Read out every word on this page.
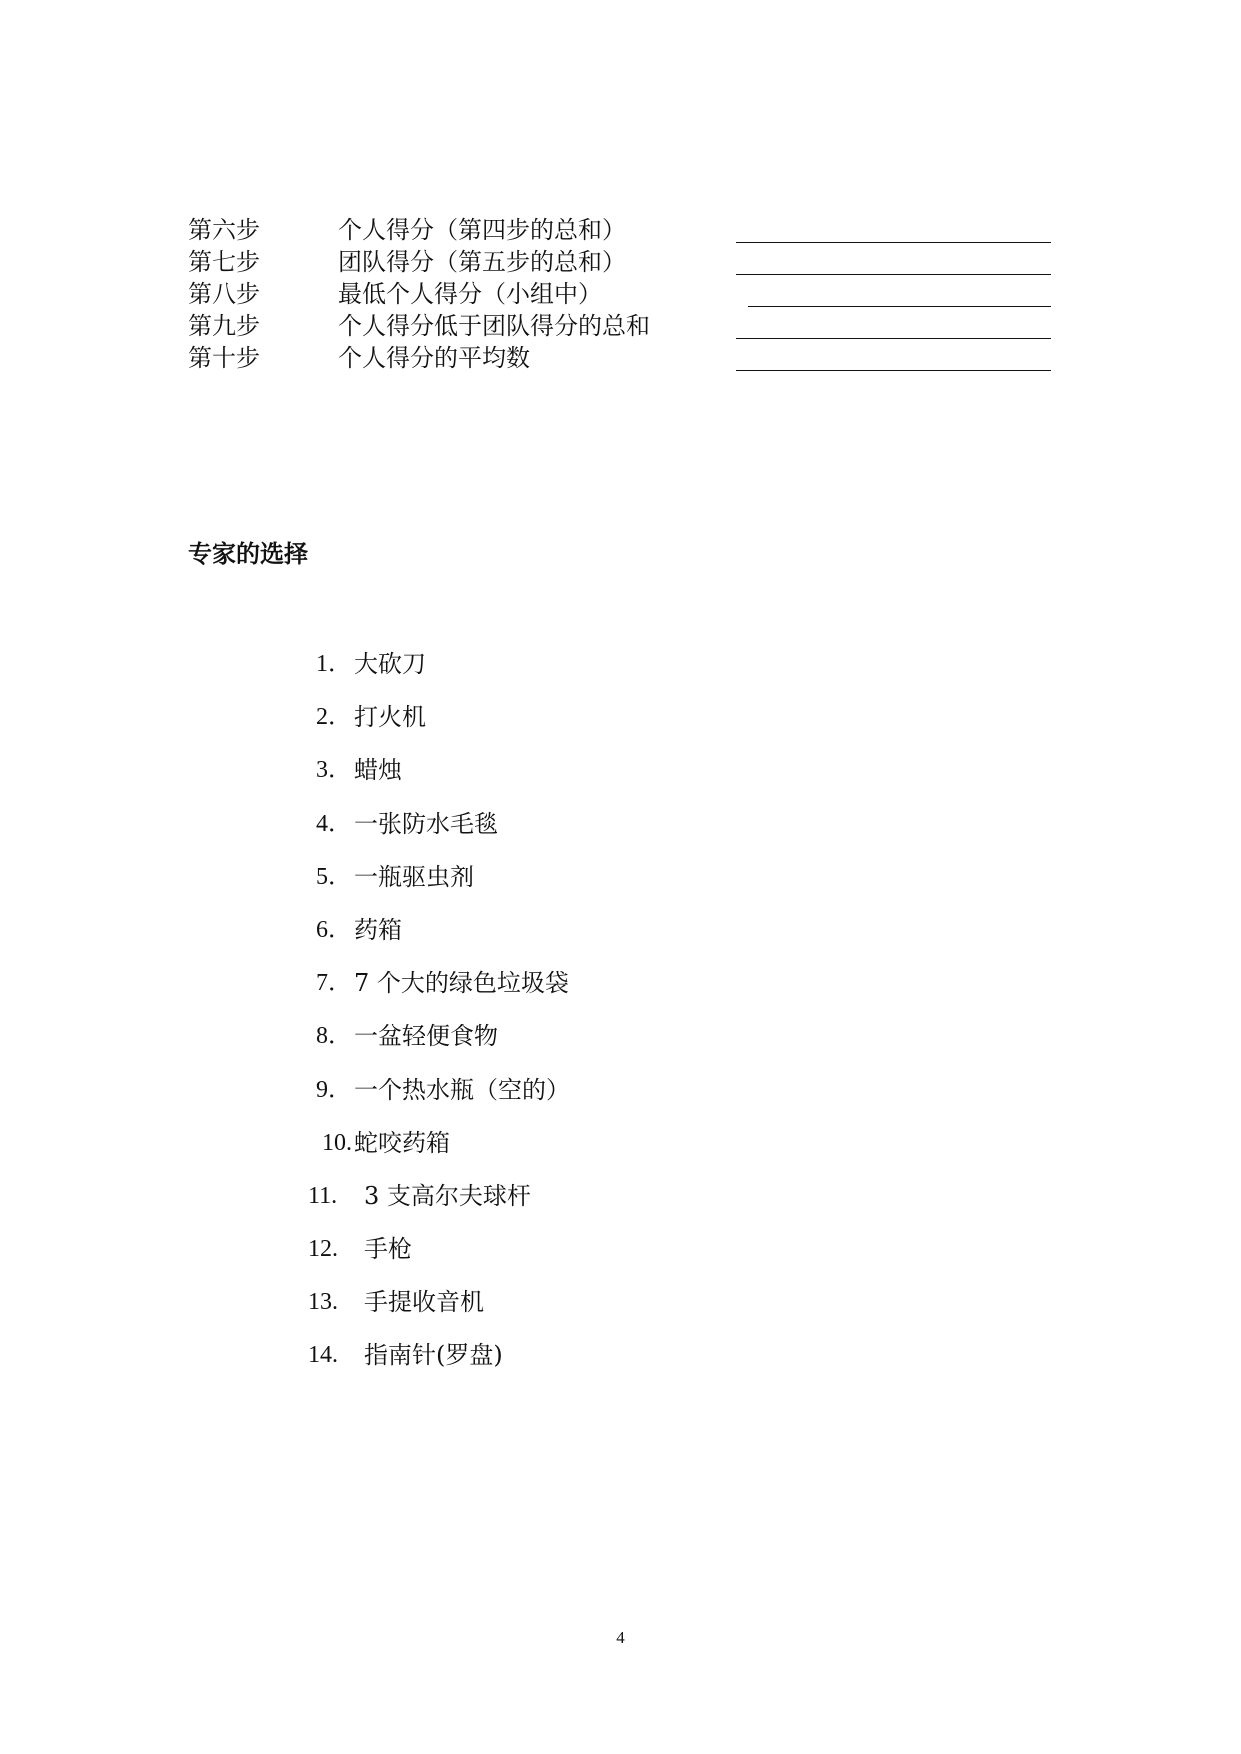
第六步	个人得分（第四步的总和）
第七步	团队得分（第五步的总和）
第八步	最低个人得分（小组中）
第九步	个人得分低于团队得分的总和
第十步	个人得分的平均数
专家的选择
1． 大砍刀
2． 打火机
3． 蜡烛
4． 一张防水毛毯
5． 一瓶驱虫剂
6． 药箱
7． 7 个大的绿色垃圾袋
8． 一盆轻便食物
9． 一个热水瓶（空的）
10. 蛇咬药箱
11.	3 支高尔夫球杆
12.	手枪
13.	手提收音机
14.	指南针(罗盘)
4
